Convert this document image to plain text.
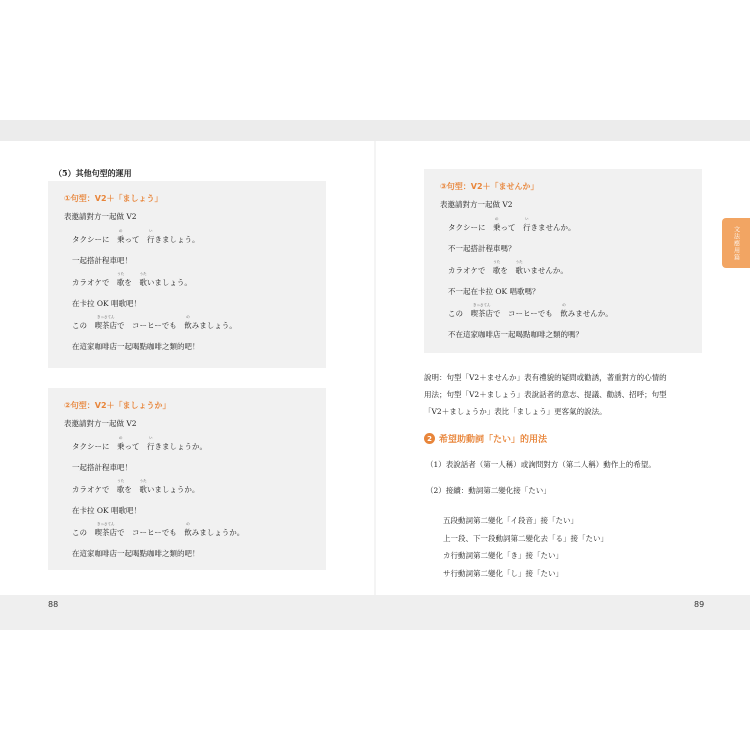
文法應用篇
（5）其他句型的運用
①句型：V2＋「ましょう」
表邀請對方一起做 V2
タクシーに　
の
乗 って　
い
行 きましょう。
一起搭計程車吧！
カラオケで　
うた
歌 を　
うた
歌 いましょう。
在卡拉 OK 唱歌吧！
この　
きっさてん
喫茶店 で　コーヒーでも　
の
飲 みましょう。
在這家咖啡店一起喝點咖啡之類的吧！
②句型：V2＋「ましょうか」
表邀請對方一起做 V2
タクシーに　
の
乗 って　
い
行 きましょうか。
一起搭計程車吧！
カラオケで　
うた
歌 を　
うた
歌 いましょうか。
在卡拉 OK 唱歌吧！
この　
きっさてん
喫茶店 で　コーヒーでも　
の
飲 みましょうか。
在這家咖啡店一起喝點咖啡之類的吧！
③句型：V2＋「ませんか」
表邀請對方一起做 V2
タクシーに　
の
乗 って　
い
行 きませんか。
不一起搭計程車嗎？
カラオケで　
うた
歌 を　
うた
歌 いませんか。
不一起在卡拉 OK 唱歌嗎？
この　
きっさてん
喫茶店 で　コーヒーでも　
の
飲 みませんか。
不在這家咖啡店一起喝點咖啡之類的嗎？
說明：句型「V2＋ませんか」表有禮貌的疑問或勸誘，著重對方的心情的
用法；句型「V2＋ましょう」表說話者的意志、提議、勸誘、招呼；句型
「V2＋ましょうか」表比「ましょう」更客氣的說法。
2 希望助動詞「たい」的用法
（1）表說話者（第一人稱）或詢問對方（第二人稱）動作上的希望。
（2）接續：動詞第二變化接「たい」
五段動詞第二變化「イ段音」接「たい」
上一段、下一段動詞第二變化去「る」接「たい」
カ行動詞第二變化「き」接「たい」
サ行動詞第二變化「し」接「たい」
88	89
